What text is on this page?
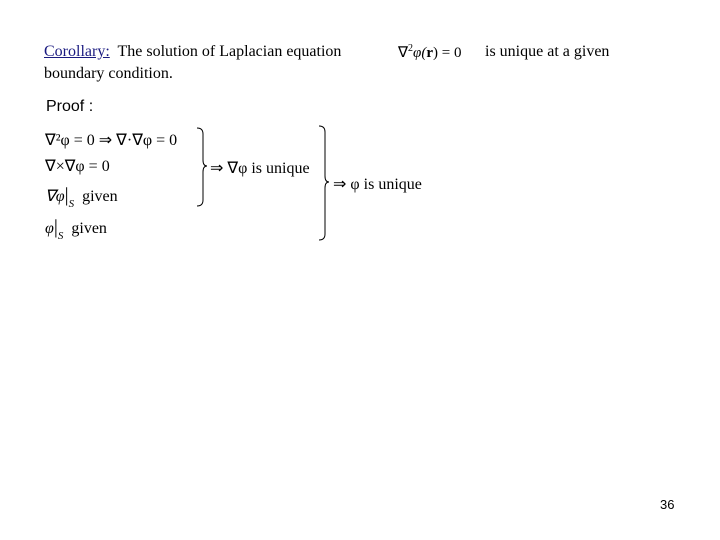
Corollary: The solution of Laplacian equation	∇$^2$φ(r) = 0 is unique at a given
boundary condition.
Proof :
∇²φ = 0 ⇒ ∇·∇φ = 0
∇×∇φ = 0
$\nabla\varphi|_S$ given
$\varphi|_S$ given
⇒ ∇φ is unique
⇒ φ is unique
36
